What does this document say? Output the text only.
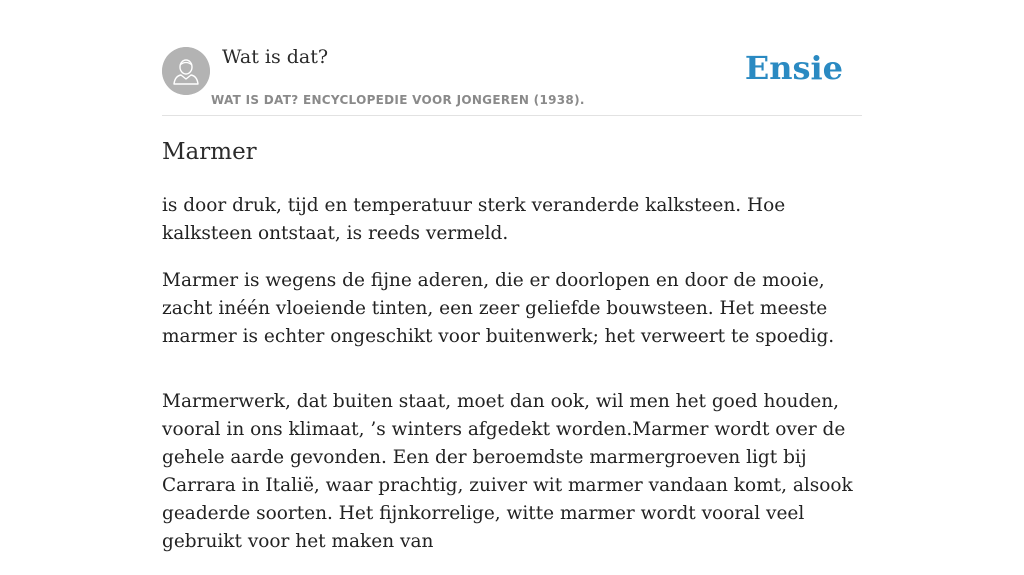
Wat is dat?
WAT IS DAT? ENCYCLOPEDIE VOOR JONGEREN (1938).
Ensie
Marmer

is door druk, tijd en temperatuur sterk veranderde kalksteen. Hoe kalksteen ontstaat, is reeds vermeld.

Marmer is wegens de fijne aderen, die er doorlopen en door de mooie, zacht inéén vloeiende tinten, een zeer geliefde bouwsteen. Het meeste marmer is echter ongeschikt voor buitenwerk; het verweert te spoedig.

Marmerwerk, dat buiten staat, moet dan ook, wil men het goed houden, vooral in ons klimaat, ’s winters afgedekt worden.Marmer wordt over de gehele aarde gevonden. Een der beroemdste marmergroeven ligt bij Carrara in Italië, waar prachtig, zuiver wit marmer vandaan komt, alsook geaderde soorten. Het fijnkorrelige, witte marmer wordt vooral veel gebruikt voor het maken van
